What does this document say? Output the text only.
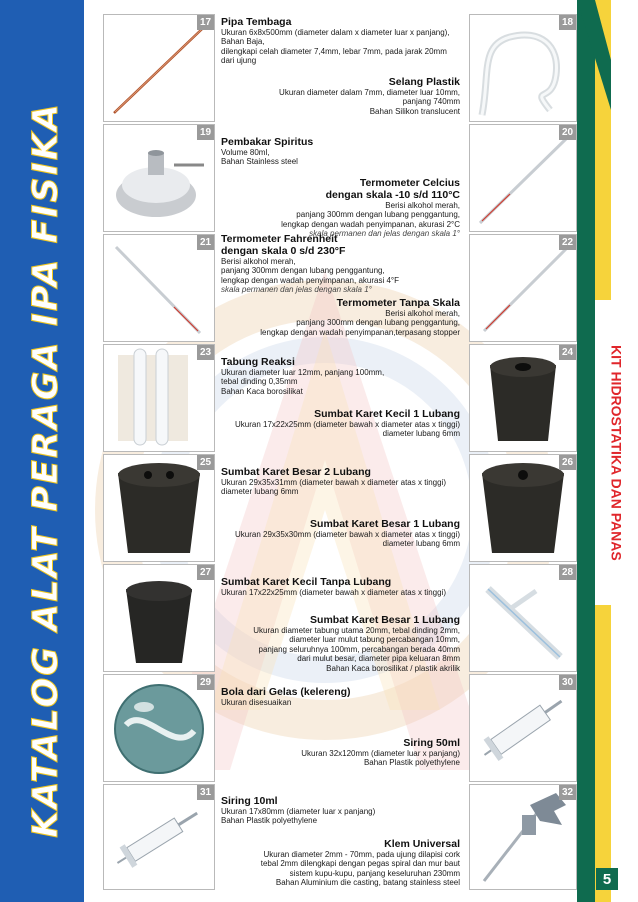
KATALOG ALAT PERAGA IPA FISIKA	KIT HIDROSTATIKA DAN PANAS
5
17 Pipa Tembaga
Ukuran 6x8x500mm (diameter dalam x diameter luar x panjang),
Bahan Baja,
dilengkapi celah diameter 7,4mm, lebar 7mm, pada jarak 20mm
dari ujung
18
Selang Plastik
Ukuran diameter dalam 7mm, diameter luar 10mm,
panjang 740mm
Bahan Silikon translucent
19
Pembakar Spiritus
Volume 80ml,
Bahan Stainless steel
20
Termometer Celcius
dengan skala -10 s/d 110°C
Berisi alkohol merah,
panjang 300mm dengan lubang penggantung,
lengkap dengan wadah penyimpanan, akurasi 2°C
skala permanen dan jelas dengan skala 1°
21 Termometer Fahrenheit
dengan skala 0 s/d 230°F
Berisi alkohol merah,
panjang 300mm dengan lubang penggantung,
lengkap dengan wadah penyimpanan, akurasi 4°F
skala permanen dan jelas dengan skala 1°
22
Termometer Tanpa Skala
Berisi alkohol merah,
panjang 300mm dengan lubang penggantung,
lengkap dengan wadah penyimpanan,terpasang stopper
23
Tabung Reaksi
Ukuran diameter luar 12mm, panjang 100mm,
tebal dinding 0,35mm
Bahan Kaca borosilikat
24
Sumbat Karet Kecil 1 Lubang
Ukuran 17x22x25mm (diameter bawah x diameter atas x tinggi)
diameter lubang 6mm
25
Sumbat Karet Besar 2 Lubang
Ukuran 29x35x31mm (diameter bawah x diameter atas x tinggi)
diameter lubang 6mm
26
Sumbat Karet Besar 1 Lubang
Ukuran 29x35x30mm (diameter bawah x diameter atas x tinggi)
diameter lubang 6mm
27
Sumbat Karet Kecil Tanpa Lubang
Ukuran 17x22x25mm (diameter bawah x diameter atas x tinggi)
28
Sumbat Karet Besar 1 Lubang
Ukuran diameter tabung utama 20mm, tebal dinding 2mm,
diameter luar mulut tabung percabangan 10mm,
panjang seluruhnya 100mm, percabangan berada 40mm
dari mulut besar, diameter pipa keluaran 8mm
Bahan Kaca borosilikat / plastik akrilik
29
Bola dari Gelas (kelereng)
Ukuran disesuaikan
30
Siring 50ml
Ukuran 32x120mm (diameter luar x panjang)
Bahan Plastik polyethylene
31
Siring 10ml
Ukuran 17x80mm (diameter luar x panjang)
Bahan Plastik polyethylene
32
Klem Universal
Ukuran diameter 2mm - 70mm, pada ujung dilapisi cork
tebal 2mm dilengkapi dengan pegas spiral dan mur baut
sistem kupu-kupu, panjang keseluruhan 230mm
Bahan Aluminium die casting, batang stainless steel
